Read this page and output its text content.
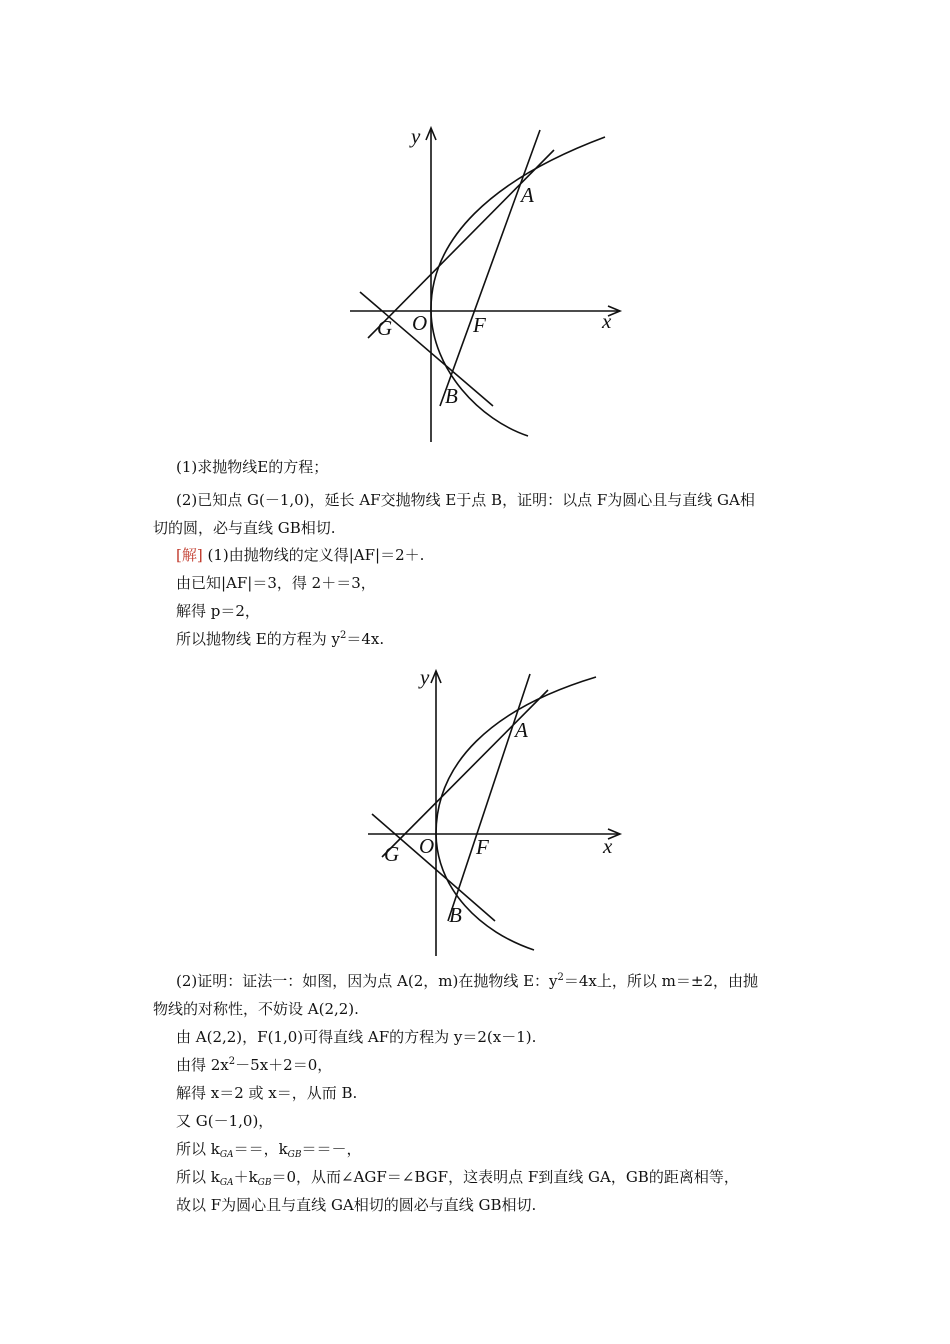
y
A
G O F	x
B
(1)求抛物线E的方程；
(2)已知点 G(－1,0)，延长 AF交抛物线 E于点 B，证明：以点 F为圆心且与直线 GA相
切的圆，必与直线 GB相切.
[解] (1)由抛物线的定义得|AF|＝2＋.
由已知|AF|＝3，得 2＋＝3，
解得 p＝2，
所以抛物线 E的方程为 $y^2=4x$.
y
A
G O F	x
B
(2)证明：证法一：如图，因为点 A(2，m)在抛物线 E：$y^2=4x$上，所以 m＝±2，由抛
物线的对称性，不妨设 A(2,2).
由 A(2,2)，F(1,0)可得直线 AF的方程为 y＝2(x－1).
由得 $2x^2-5x+2=0$，
解得 x＝2 或 x＝，从而 B.
又 G(－1,0)，
所以 $k_{GA}==$，$k_{GB}==-$，
所以 $k_{GA}+k_{GB}=0$，从而∠AGF＝∠BGF，这表明点 F到直线 GA，GB的距离相等，
故以 F为圆心且与直线 GA相切的圆必与直线 GB相切.
